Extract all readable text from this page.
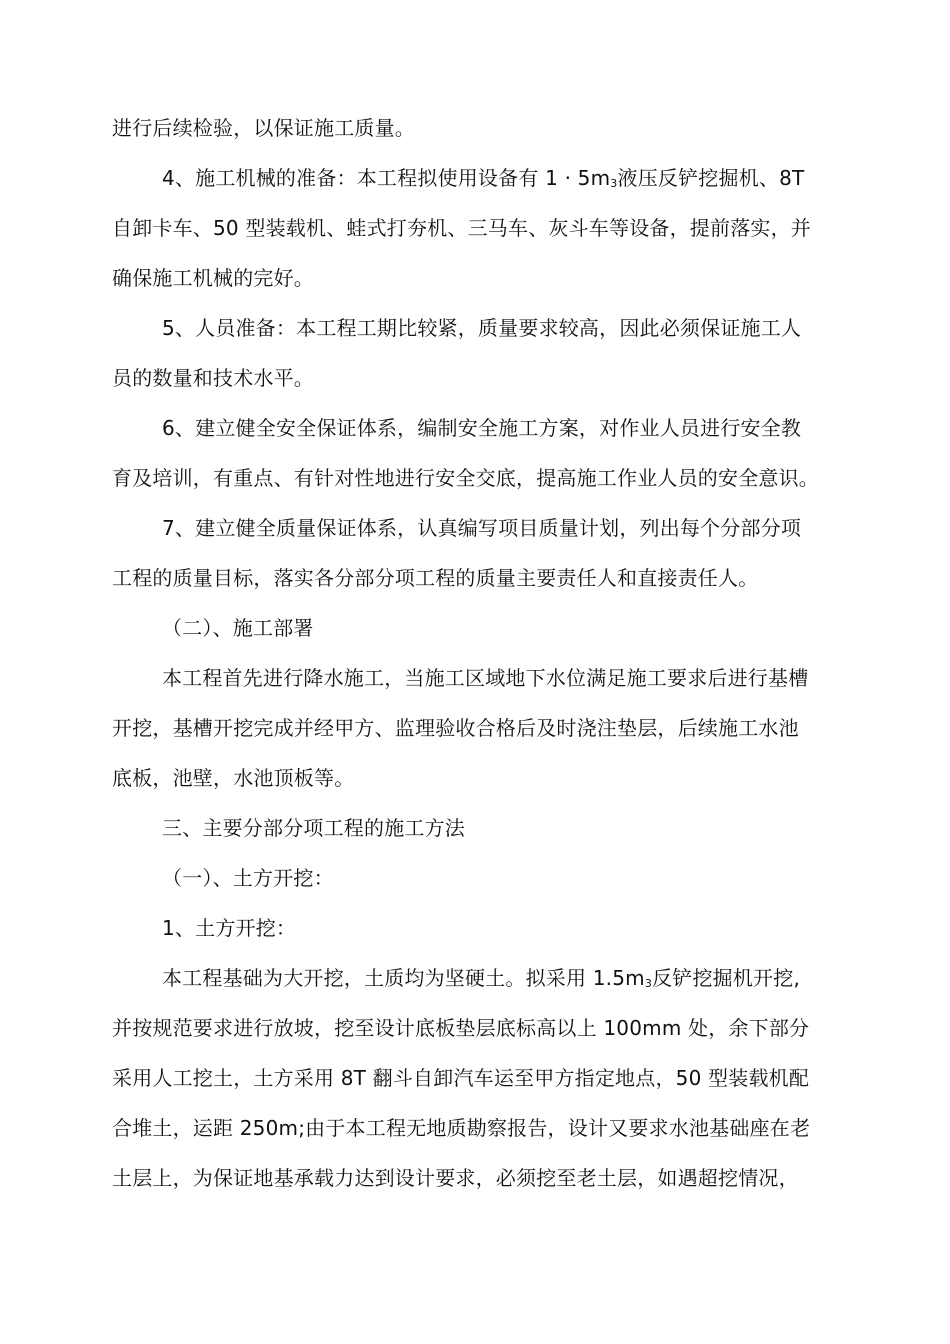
进行后续检验，以保证施工质量。
4、施工机械的准备：本工程拟使用设备有 1 · 5m3液压反铲挖掘机、8T
自卸卡车、50 型装载机、蛙式打夯机、三马车、灰斗车等设备，提前落实，并
确保施工机械的完好。
5、人员准备：本工程工期比较紧，质量要求较高，因此必须保证施工人
员的数量和技术水平。
6、建立健全安全保证体系，编制安全施工方案，对作业人员进行安全教
育及培训，有重点、有针对性地进行安全交底，提高施工作业人员的安全意识。
7、建立健全质量保证体系，认真编写项目质量计划，列出每个分部分项
工程的质量目标，落实各分部分项工程的质量主要责任人和直接责任人。
（二）、施工部署
本工程首先进行降水施工，当施工区域地下水位满足施工要求后进行基槽
开挖，基槽开挖完成并经甲方、监理验收合格后及时浇注垫层，后续施工水池
底板，池壁，水池顶板等。
三、主要分部分项工程的施工方法
（一）、土方开挖：
1、土方开挖：
本工程基础为大开挖，土质均为坚硬土。拟采用 1.5m3反铲挖掘机开挖,
并按规范要求进行放坡，挖至设计底板垫层底标高以上 100mm 处，余下部分
采用人工挖土，土方采用 8T 翻斗自卸汽车运至甲方指定地点，50 型装载机配
合堆土，运距 250m;由于本工程无地质勘察报告，设计又要求水池基础座在老
土层上，为保证地基承载力达到设计要求，必须挖至老土层，如遇超挖情况，
